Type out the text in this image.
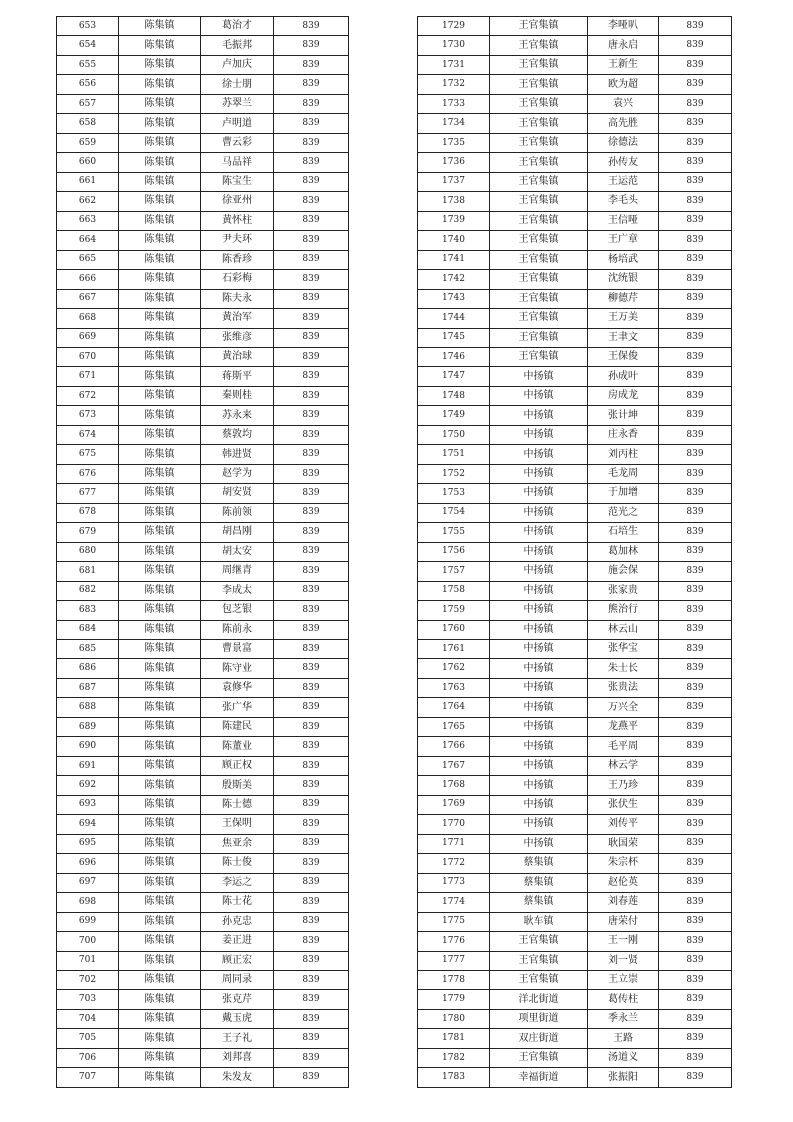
653	陈集镇	葛治才	839
654	陈集镇	毛振邦	839
655	陈集镇	卢加庆	839
656	陈集镇	徐士朋	839
657	陈集镇	苏翠兰	839
658	陈集镇	卢明道	839
659	陈集镇	曹云彩	839
660	陈集镇	马品祥	839
661	陈集镇	陈宝生	839
662	陈集镇	徐亚州	839
663	陈集镇	黄怀柱	839
664	陈集镇	尹夫环	839
665	陈集镇	陈香珍	839
666	陈集镇	石彩梅	839
667	陈集镇	陈夫永	839
668	陈集镇	黄治军	839
669	陈集镇	张维彦	839
670	陈集镇	黄治球	839
671	陈集镇	蒋斯平	839
672	陈集镇	秦则桂	839
673	陈集镇	苏永来	839
674	陈集镇	蔡敦均	839
675	陈集镇	韩进贤	839
676	陈集镇	赵学为	839
677	陈集镇	胡安贤	839
678	陈集镇	陈前领	839
679	陈集镇	胡昌刚	839
680	陈集镇	胡太安	839
681	陈集镇	周继青	839
682	陈集镇	李成太	839
683	陈集镇	包芝银	839
684	陈集镇	陈前永	839
685	陈集镇	曹景富	839
686	陈集镇	陈守业	839
687	陈集镇	袁修华	839
688	陈集镇	张广华	839
689	陈集镇	陈建民	839
690	陈集镇	陈董业	839
691	陈集镇	顾正权	839
692	陈集镇	殷斯美	839
693	陈集镇	陈士德	839
694	陈集镇	王保明	839
695	陈集镇	焦亚余	839
696	陈集镇	陈士俊	839
697	陈集镇	李运之	839
698	陈集镇	陈士花	839
699	陈集镇	孙克忠	839
700	陈集镇	姜正进	839
701	陈集镇	顾正宏	839
702	陈集镇	周同录	839
703	陈集镇	张克芹	839
704	陈集镇	戴玉虎	839
705	陈集镇	王子礼	839
706	陈集镇	刘邦喜	839
707	陈集镇	朱发友	839
1729	王官集镇	李哑叭	839
1730	王官集镇	唐永启	839
1731	王官集镇	王新生	839
1732	王官集镇	欧为超	839
1733	王官集镇	袁兴	839
1734	王官集镇	高先胜	839
1735	王官集镇	徐德法	839
1736	王官集镇	孙传友	839
1737	王官集镇	王运范	839
1738	王官集镇	李毛头	839
1739	王官集镇	王信哑	839
1740	王官集镇	王广章	839
1741	王官集镇	杨培武	839
1742	王官集镇	沈统银	839
1743	王官集镇	柳德芹	839
1744	王官集镇	王万美	839
1745	王官集镇	王聿文	839
1746	王官集镇	王保俊	839
1747	中扬镇	孙成叶	839
1748	中扬镇	房成龙	839
1749	中扬镇	张计坤	839
1750	中扬镇	庄永香	839
1751	中扬镇	刘丙柱	839
1752	中扬镇	毛龙周	839
1753	中扬镇	于加增	839
1754	中扬镇	范光之	839
1755	中扬镇	石培生	839
1756	中扬镇	葛加林	839
1757	中扬镇	施会保	839
1758	中扬镇	张家贵	839
1759	中扬镇	熊治行	839
1760	中扬镇	林云山	839
1761	中扬镇	张华宝	839
1762	中扬镇	朱士长	839
1763	中扬镇	张贵法	839
1764	中扬镇	万兴全	839
1765	中扬镇	龙燕平	839
1766	中扬镇	毛平周	839
1767	中扬镇	林云学	839
1768	中扬镇	王乃珍	839
1769	中扬镇	张伏生	839
1770	中扬镇	刘传平	839
1771	中扬镇	耿国荣	839
1772	蔡集镇	朱宗杯	839
1773	蔡集镇	赵伦英	839
1774	蔡集镇	刘春莲	839
1775	耿车镇	唐荣付	839
1776	王官集镇	王一刚	839
1777	王官集镇	刘一贤	839
1778	王官集镇	王立崇	839
1779	洋北街道	葛传柱	839
1780	项里街道	季永兰	839
1781	双庄街道	王路	839
1782	王官集镇	汤道义	839
1783	幸福街道	张振阳	839
